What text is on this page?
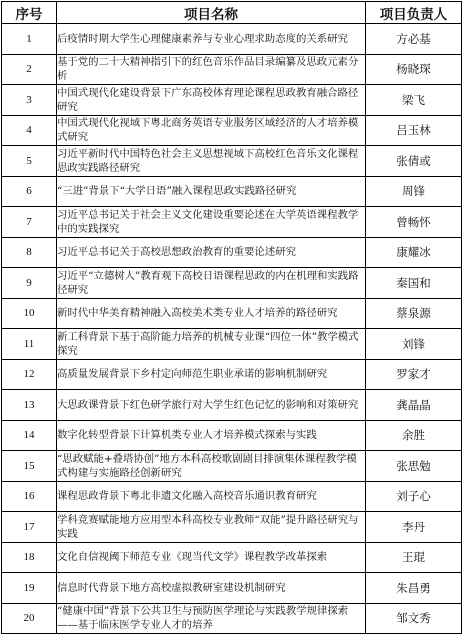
序号	项目名称	项目负责人
1	后疫情时期大学生心理健康素养与专业心理求助态度的关系研究	方必基
2	基于党的二十大精神指引下的红色音乐作品目录编纂及思政元素分析	杨晓琛
3	中国式现代化建设背景下广东高校体育理论课程思政教育融合路径研究	梁飞
4	中国式现代化视域下粤北商务英语专业服务区域经济的人才培养模式研究	吕玉林
5	习近平新时代中国特色社会主义思想视域下高校红色音乐文化课程思政实践路径研究	张倩或
6	“三进”背景下“大学日语”融入课程思政实践路径研究	周锋
7	习近平总书记关于社会主义文化建设重要论述在大学英语课程教学中的实践探究	曾畅怀
8	习近平总书记关于高校思想政治教育的重要论述研究	康耀冰
9	习近平“立德树人”教育观下高校日语课程思政的内在机理和实践路径研究	秦国和
10	新时代中华美育精神融入高校美术类专业人才培养的路径研究	蔡泉源
11	新工科背景下基于高阶能力培养的机械专业课“四位一体”教学模式探究	刘锋
12	高质量发展背景下乡村定向师范生职业承诺的影响机制研究	罗家才
13	大思政课背景下红色研学旅行对大学生红色记忆的影响和对策研究	龚晶晶
14	数字化转型背景下计算机类专业人才培养模式探索与实践	余胜
15	“思政赋能+叠塔协创”地方本科高校歌剧剧目排演集体课程教学模式构建与实施路径创新研究	张思勉
16	课程思政背景下粤北非遗文化融入高校音乐通识教育研究	刘子心
17	学科竞赛赋能地方应用型本科高校专业教师“双能”提升路径研究与实践	李丹
18	文化自信视阈下师范专业《现当代文学》课程教学改革探索	王琨
19	信息时代背景下地方高校虚拟教研室建设机制研究	朱昌勇
20	“健康中国”背景下公共卫生与预防医学理论与实践教学规律探索——基于临床医学专业人才的培养	邹文秀
